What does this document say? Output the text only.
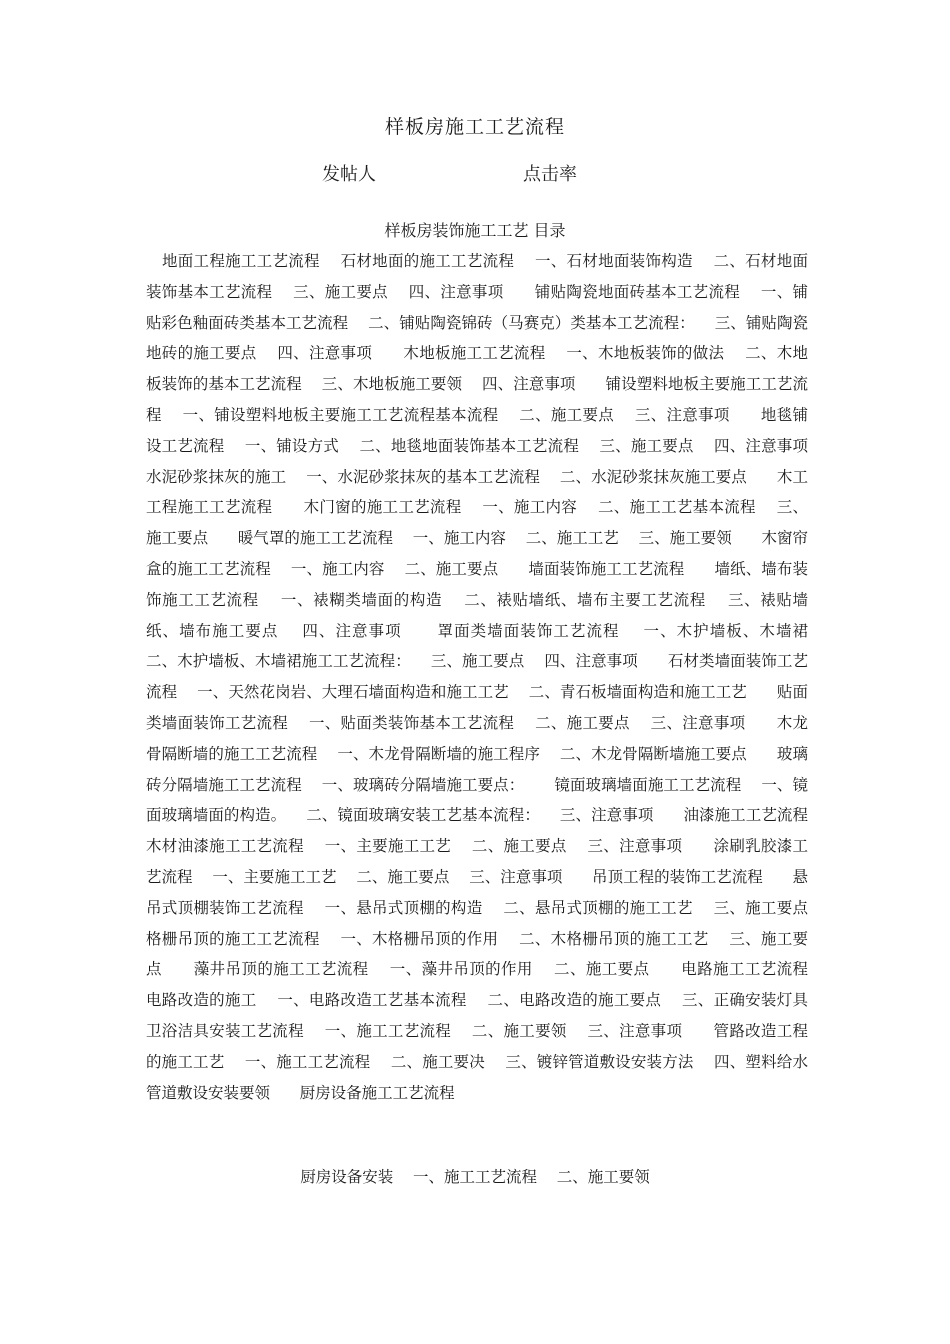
样板房施工工艺流程
发帖人	点击率
样板房装饰施工工艺 目录
地面工程施工工艺流程    石材地面的施工工艺流程    一、石材地面装饰构造    二、石材地面装饰基本工艺流程    三、施工要点    四、注意事项      铺贴陶瓷地面砖基本工艺流程    一、铺贴彩色釉面砖类基本工艺流程    二、铺贴陶瓷锦砖（马赛克）类基本工艺流程：    三、铺贴陶瓷地砖的施工要点    四、注意事项      木地板施工工艺流程    一、木地板装饰的做法    二、木地板装饰的基本工艺流程    三、木地板施工要领    四、注意事项      铺设塑料地板主要施工工艺流程    一、铺设塑料地板主要施工工艺流程基本流程    二、施工要点    三、注意事项      地毯铺设工艺流程    一、铺设方式    二、地毯地面装饰基本工艺流程    三、施工要点    四、注意事项      水泥砂浆抹灰的施工    一、水泥砂浆抹灰的基本工艺流程    二、水泥砂浆抹灰施工要点      木工工程施工工艺流程      木门窗的施工工艺流程    一、施工内容    二、施工工艺基本流程    三、施工要点      暖气罩的施工工艺流程    一、施工内容    二、施工工艺    三、施工要领      木窗帘盒的施工工艺流程    一、施工内容    二、施工要点      墙面装饰施工工艺流程      墙纸、墙布装饰施工工艺流程    一、裱糊类墙面的构造    二、裱贴墙纸、墙布主要工艺流程    三、裱贴墙纸、墙布施工要点    四、注意事项      罩面类墙面装饰工艺流程    一、木护墙板、木墙裙    二、木护墙板、木墙裙施工工艺流程：    三、施工要点    四、注意事项      石材类墙面装饰工艺流程    一、天然花岗岩、大理石墙面构造和施工工艺    二、青石板墙面构造和施工工艺      贴面类墙面装饰工艺流程    一、贴面类装饰基本工艺流程    二、施工要点    三、注意事项      木龙骨隔断墙的施工工艺流程    一、木龙骨隔断墙的施工程序    二、木龙骨隔断墙施工要点      玻璃砖分隔墙施工工艺流程    一、玻璃砖分隔墙施工要点：      镜面玻璃墙面施工工艺流程    一、镜面玻璃墙面的构造。    二、镜面玻璃安装工艺基本流程：    三、注意事项      油漆施工工艺流程      木材油漆施工工艺流程    一、主要施工工艺    二、施工要点    三、注意事项      涂刷乳胶漆工艺流程    一、主要施工工艺    二、施工要点    三、注意事项      吊顶工程的装饰工艺流程      悬吊式顶棚装饰工艺流程    一、悬吊式顶棚的构造    二、悬吊式顶棚的施工工艺    三、施工要点      格栅吊顶的施工工艺流程    一、木格栅吊顶的作用    二、木格栅吊顶的施工工艺    三、施工要点      藻井吊顶的施工工艺流程    一、藻井吊顶的作用    二、施工要点      电路施工工艺流程      电路改造的施工    一、电路改造工艺基本流程    二、电路改造的施工要点    三、正确安装灯具      卫浴洁具安装工艺流程    一、施工工艺流程    二、施工要领    三、注意事项      管路改造工程的施工工艺    一、施工工艺流程    二、施工要决    三、镀锌管道敷设安装方法    四、塑料给水管道敷设安装要领      厨房设备施工工艺流程
厨房设备安装    一、施工工艺流程    二、施工要领
